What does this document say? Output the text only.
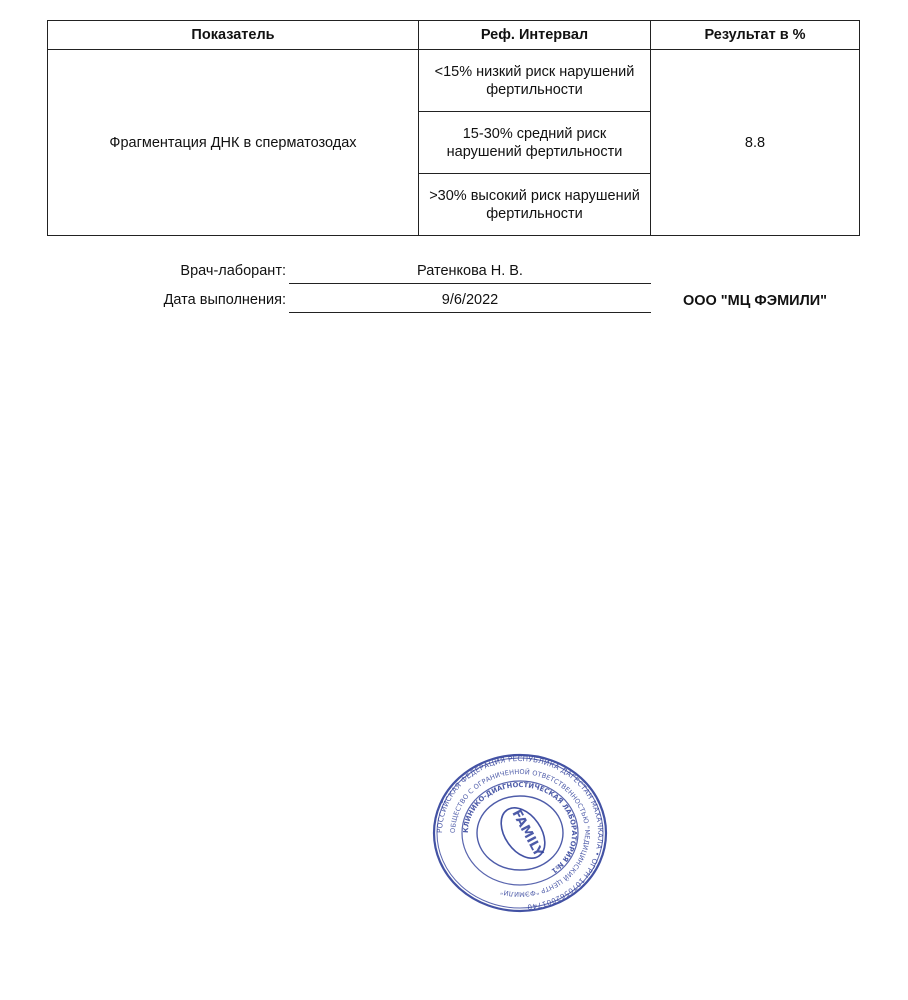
Показатель	Реф. Интервал	Результат в %
Фрагментация ДНК в сперматозодах	<15% низкий риск нарушений фертильности	8.8
	15-30% средний риск нарушений фертильности	
	>30% высокий риск нарушений фертильности	
Врач-лаборант:	Ратенкова Н. В.
Дата выполнения:	9/6/2022	ООО "МЦ ФЭМИЛИ"
РОССИЙСКАЯ ФЕДЕРАЦИЯ РЕСПУБЛИКА ДАГЕСТАН МАХАЧКАЛА • ОГРН 1070562001740
ОБЩЕСТВО С ОГРАНИЧЕННОЙ ОТВЕТСТВЕННОСТЬЮ "МЕДИЦИНСКИЙ ЦЕНТР "ФЭМИЛИ"
КЛИНИКО-ДИАГНОСТИЧЕСКАЯ ЛАБОРАТОРИЯ №1
FAMILY
